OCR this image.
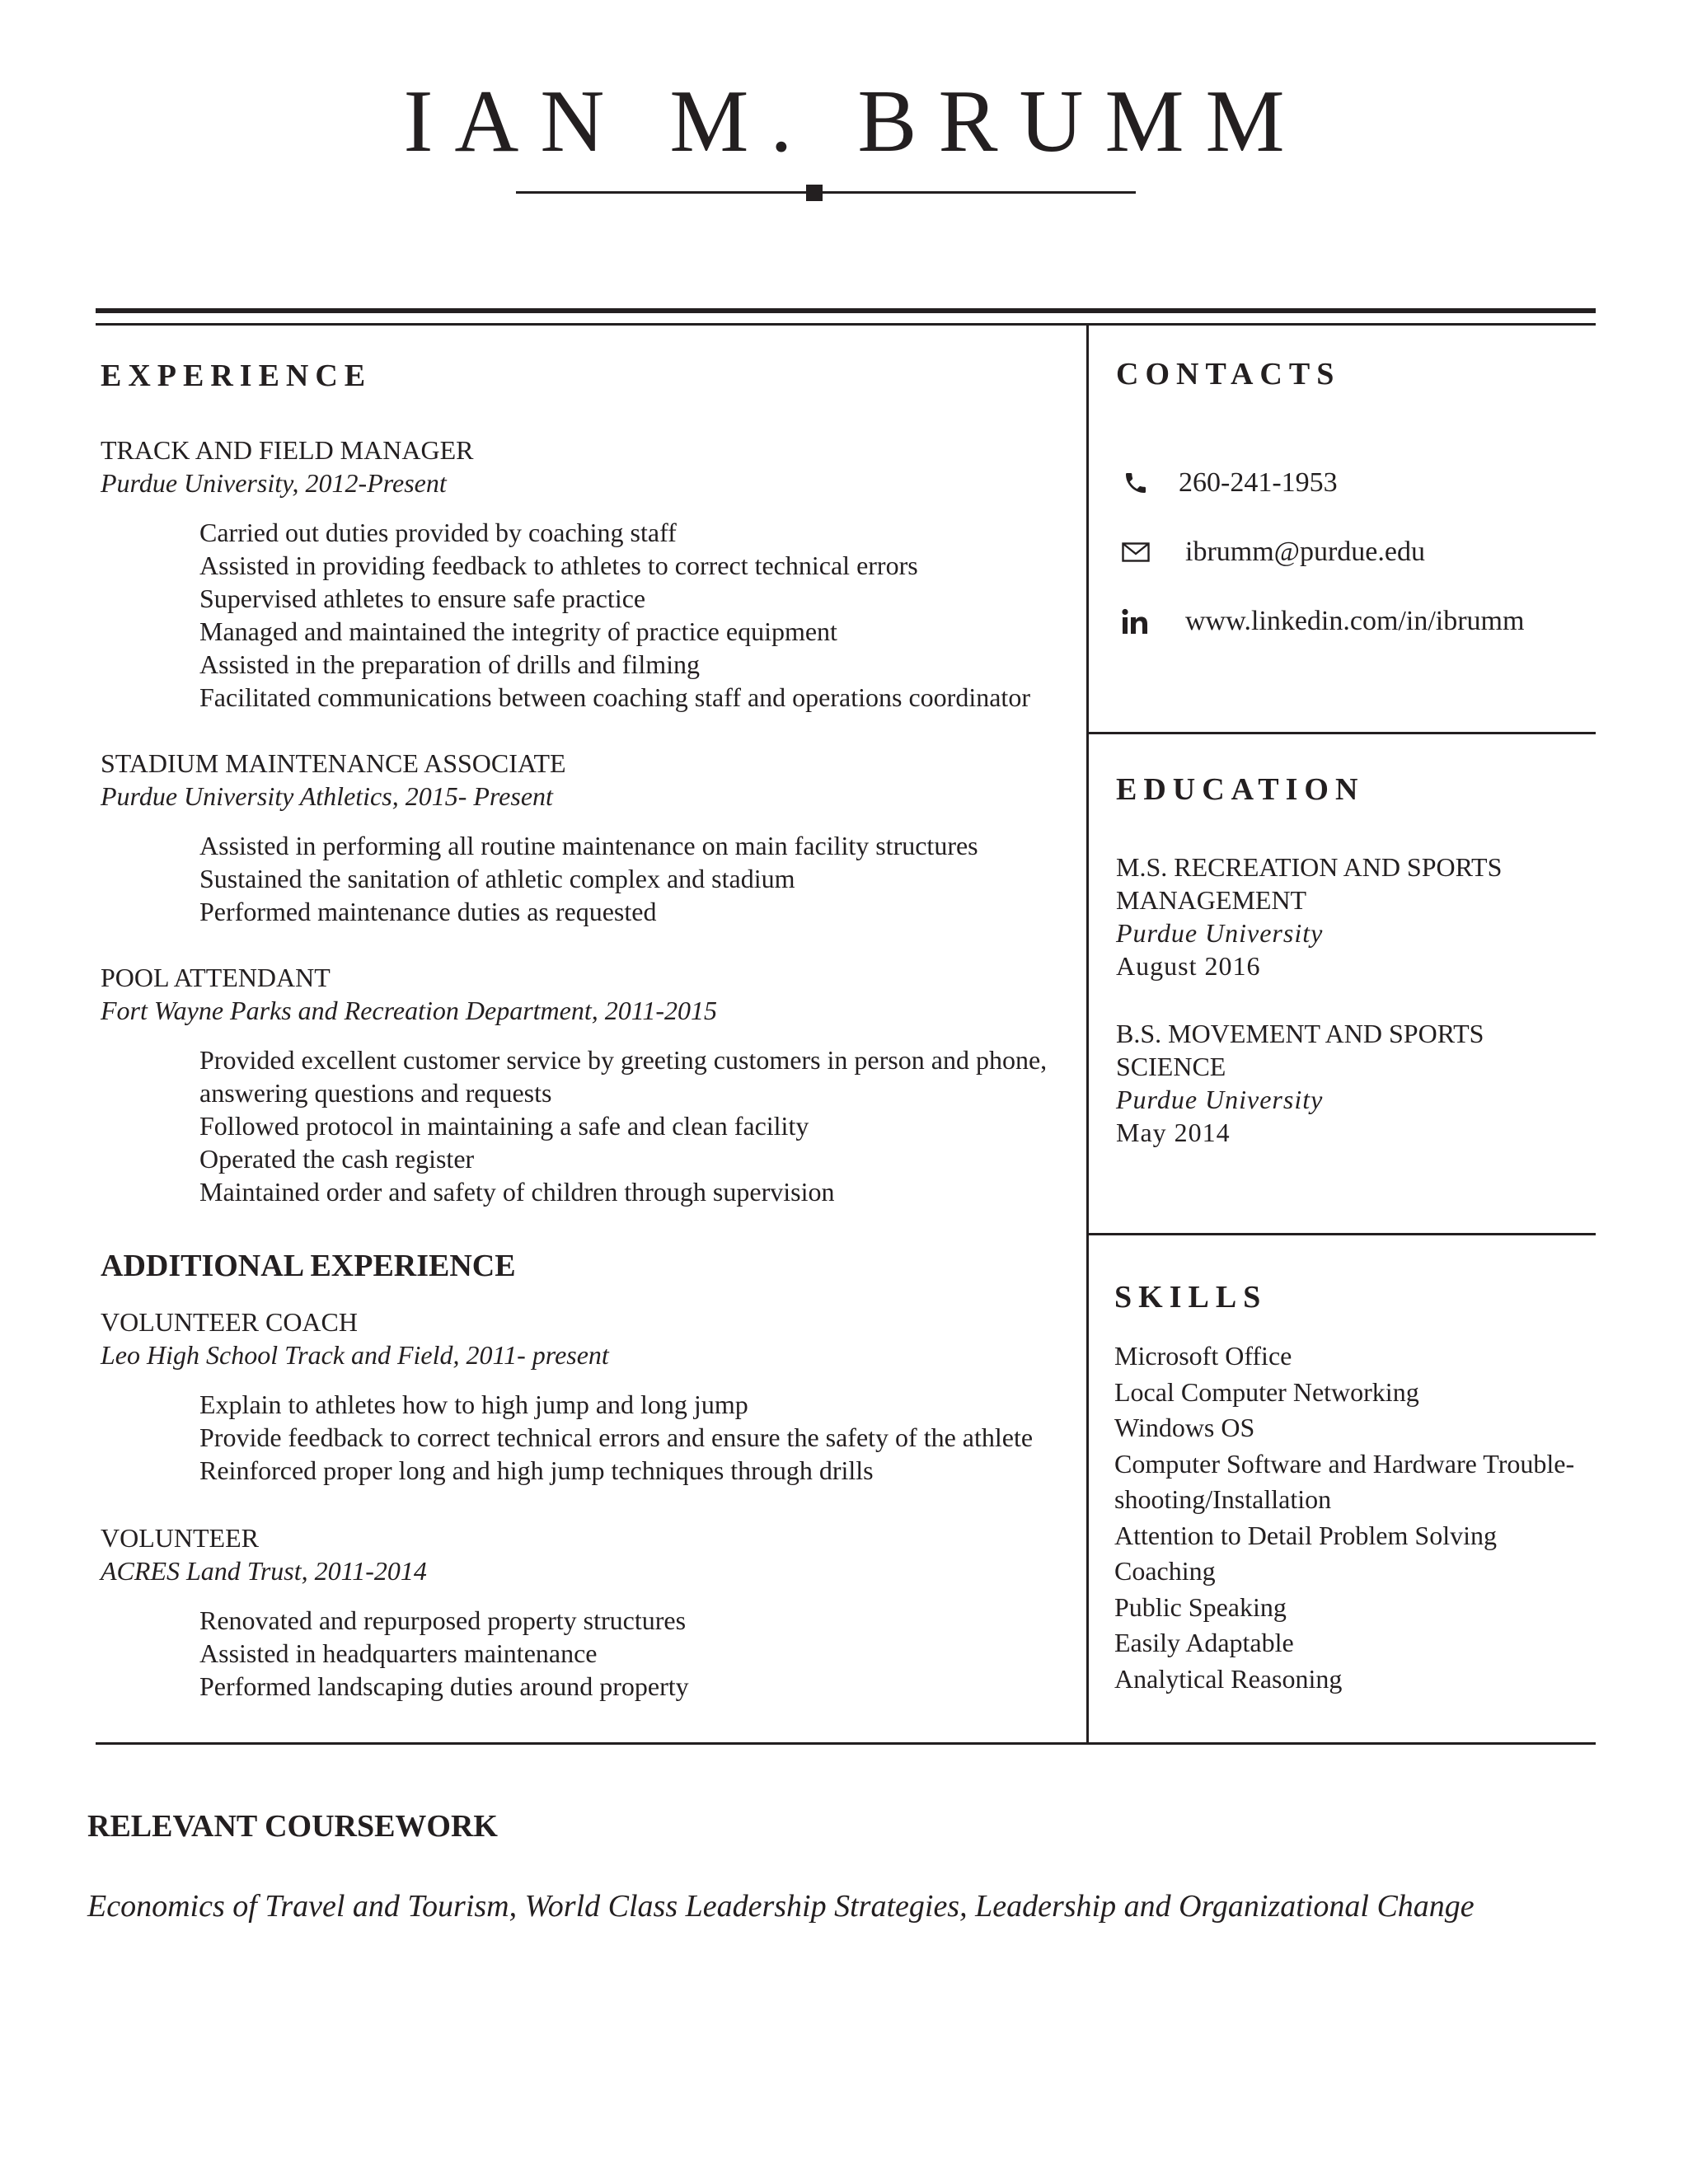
IAN M. BRUMM
EXPERIENCE
TRACK AND FIELD MANAGER
Purdue University, 2012-Present
Carried out duties provided by coaching staff
Assisted in providing feedback to athletes to correct technical errors
Supervised athletes to ensure safe practice
Managed and maintained the integrity of practice equipment
Assisted in the preparation of drills and filming
Facilitated communications between coaching staff and operations coordinator
STADIUM MAINTENANCE ASSOCIATE
Purdue University Athletics, 2015- Present
Assisted in performing all routine maintenance on main facility structures
Sustained the sanitation of athletic complex and stadium
Performed maintenance duties as requested
POOL ATTENDANT
Fort Wayne Parks and Recreation Department, 2011-2015
Provided excellent customer service by greeting customers in person and phone, answering questions and requests
Followed protocol in maintaining a safe and clean facility
Operated the cash register
Maintained order and safety of children through supervision
ADDITIONAL EXPERIENCE
VOLUNTEER COACH
Leo High School Track and Field, 2011- present
Explain to athletes how to high jump and long jump
Provide feedback to correct technical errors and ensure the safety of the athlete
Reinforced proper long and high jump techniques through drills
VOLUNTEER
ACRES Land Trust, 2011-2014
Renovated and repurposed property structures
Assisted in headquarters maintenance
Performed landscaping duties around property
CONTACTS
260-241-1953
ibrumm@purdue.edu
www.linkedin.com/in/ibrumm
EDUCATION
M.S. RECREATION AND SPORTS
MANAGEMENT
Purdue University
August 2016
B.S. MOVEMENT AND SPORTS
SCIENCE
Purdue University
May 2014
SKILLS
Microsoft Office
Local Computer Networking
Windows OS
Computer Software and Hardware Trouble-
shooting/Installation
Attention to Detail Problem Solving
Coaching
Public Speaking
Easily Adaptable
Analytical Reasoning
RELEVANT COURSEWORK
Economics of Travel and Tourism, World Class Leadership Strategies, Leadership and Organizational Change
